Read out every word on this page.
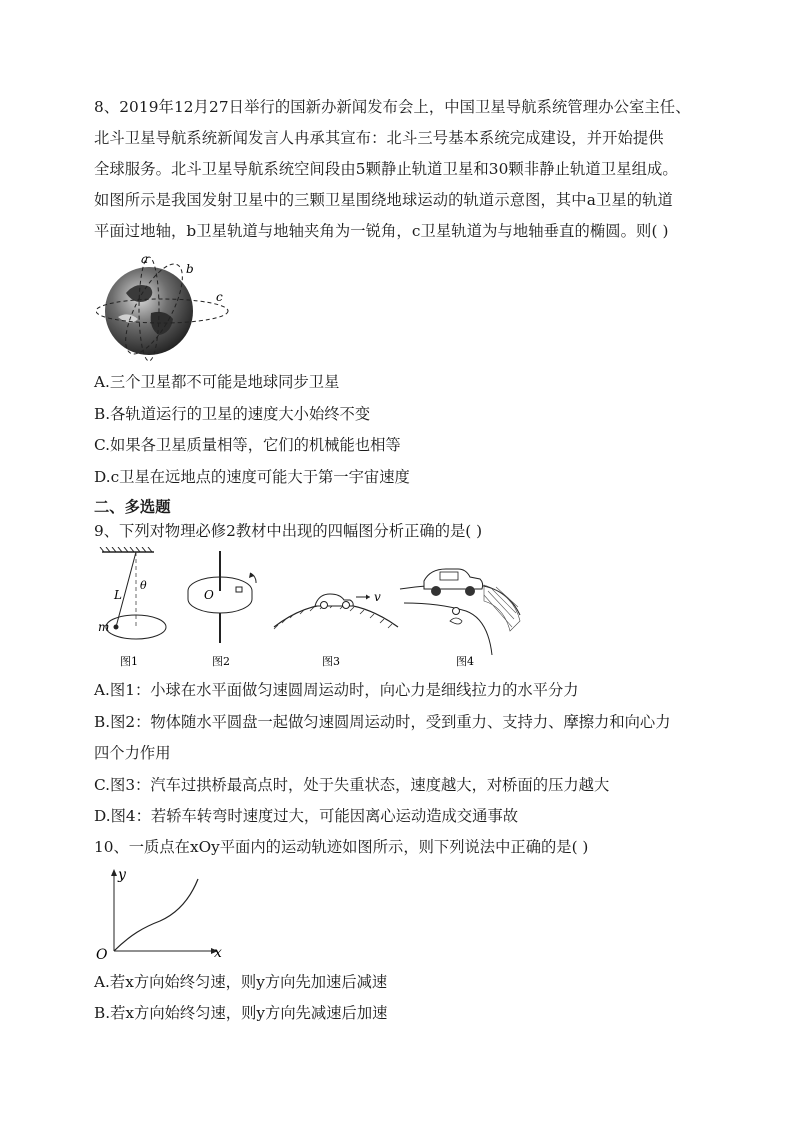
8、2019年12月27日举行的国新办新闻发布会上，中国卫星导航系统管理办公室主任、
北斗卫星导航系统新闻发言人冉承其宣布：北斗三号基本系统完成建设，并开始提供
全球服务。北斗卫星导航系统空间段由5颗静止轨道卫星和30颗非静止轨道卫星组成。
如图所示是我国发射卫星中的三颗卫星围绕地球运动的轨道示意图，其中a卫星的轨道
平面过地轴，b卫星轨道与地轴夹角为一锐角，c卫星轨道为与地轴垂直的椭圆。则( )
a
b
c
A.三个卫星都不可能是地球同步卫星
B.各轨道运行的卫星的速度大小始终不变
C.如果各卫星质量相等，它们的机械能也相等
D.c卫星在远地点的速度可能大于第一宇宙速度
二、多选题
9、下列对物理必修2教材中出现的四幅图分析正确的是( )
L
θ
m
图1
O
图2
v
图3	图4
A.图1：小球在水平面做匀速圆周运动时，向心力是细线拉力的水平分力
B.图2：物体随水平圆盘一起做匀速圆周运动时，受到重力、支持力、摩擦力和向心力
四个力作用
C.图3：汽车过拱桥最高点时，处于失重状态，速度越大，对桥面的压力越大
D.图4：若轿车转弯时速度过大，可能因离心运动造成交通事故
10、一质点在xOy平面内的运动轨迹如图所示，则下列说法中正确的是( )
y
x
O
A.若x方向始终匀速，则y方向先加速后减速
B.若x方向始终匀速，则y方向先减速后加速
